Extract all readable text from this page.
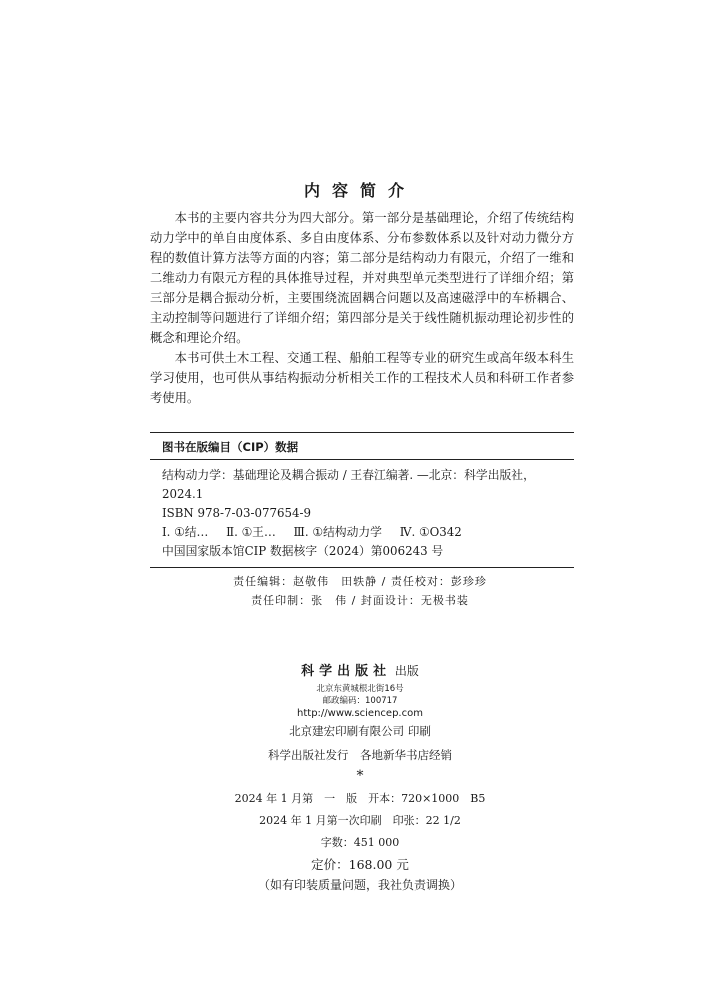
内容简介

本书的主要内容共分为四大部分。第一部分是基础理论，介绍了传统结构动力学中的单自由度体系、多自由度体系、分布参数体系以及针对动力微分方程的数值计算方法等方面的内容；第二部分是结构动力有限元，介绍了一维和二维动力有限元方程的具体推导过程，并对典型单元类型进行了详细介绍；第三部分是耦合振动分析，主要围绕流固耦合问题以及高速磁浮中的车桥耦合、主动控制等问题进行了详细介绍；第四部分是关于线性随机振动理论初步性的概念和理论介绍。

本书可供土木工程、交通工程、船舶工程等专业的研究生或高年级本科生学习使用，也可供从事结构振动分析相关工作的工程技术人员和科研工作者参考使用。

图书在版编目（CIP）数据
结构动力学：基础理论及耦合振动 / 王春江编著. —北京：科学出版社，
2024.1
ISBN 978-7-03-077654-9
Ⅰ. ①结… Ⅱ. ①王… Ⅲ. ①结构动力学 Ⅳ. ①O342
中国国家版本馆CIP 数据核字（2024）第006243 号
责任编辑：赵敬伟　田轶静 / 责任校对：彭珍珍
责任印制：张　伟 / 封面设计：无极书装
科学出版社 出版
北京东黄城根北街16号
邮政编码：100717
http://www.sciencep.com
北京建宏印刷有限公司 印刷
科学出版社发行　各地新华书店经销
*
2024 年 1 月第　一　版　开本：720×1000　B5
2024 年 1 月第一次印刷　印张：22 1/2
字数：451 000
定价：168.00 元
（如有印装质量问题，我社负责调换）
